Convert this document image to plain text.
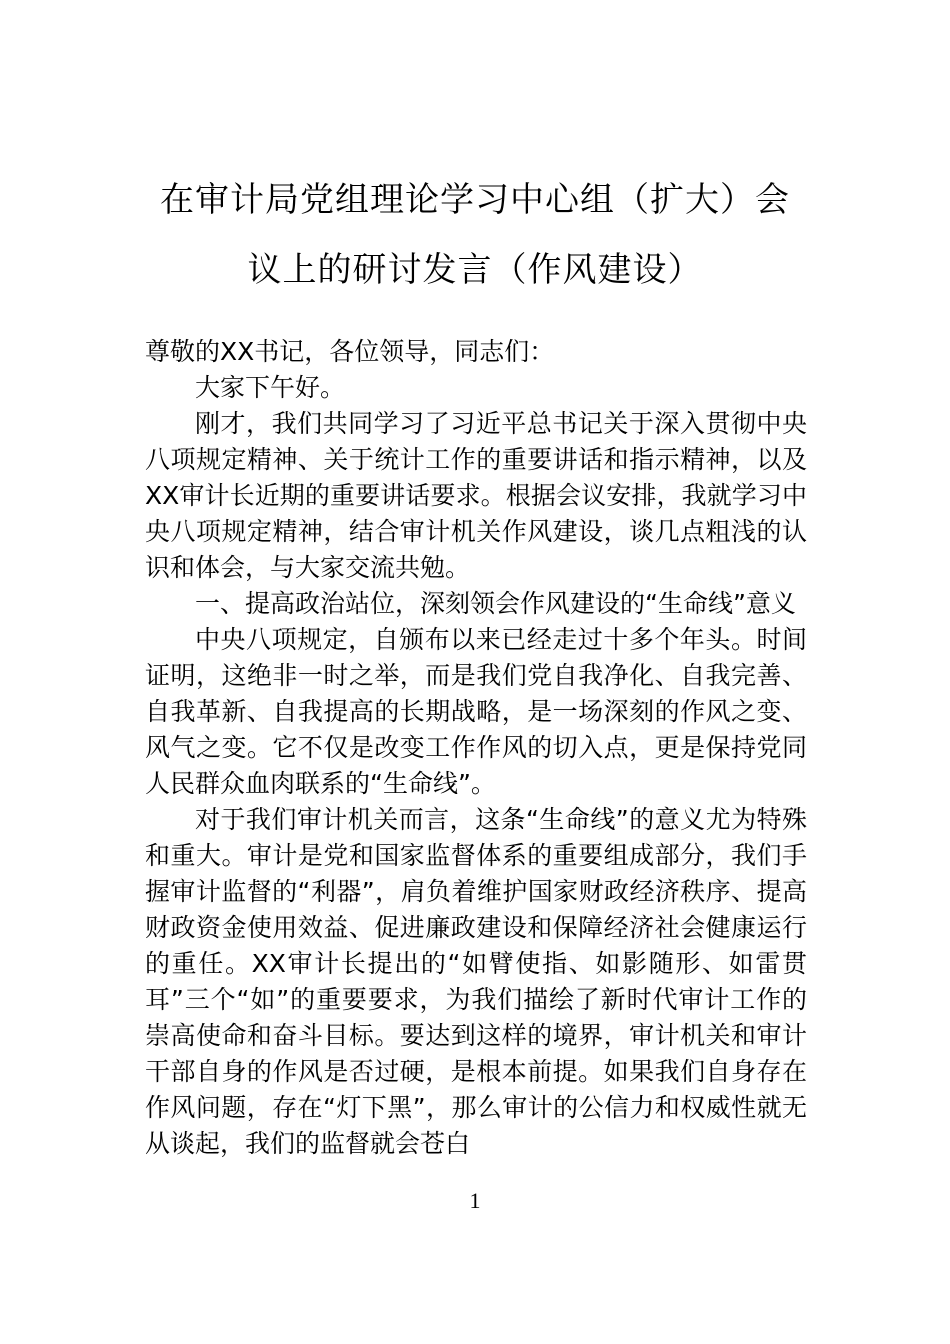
在审计局党组理论学习中心组（扩大）会
议上的研讨发言（作风建设）

尊敬的XX书记，各位领导，同志们：

大家下午好。

刚才，我们共同学习了习近平总书记关于深入贯彻中央八项规定精神、关于统计工作的重要讲话和指示精神，以及XX审计长近期的重要讲话要求。根据会议安排，我就学习中央八项规定精神，结合审计机关作风建设，谈几点粗浅的认识和体会，与大家交流共勉。

一、提高政治站位，深刻领会作风建设的“生命线”意义

中央八项规定，自颁布以来已经走过十多个年头。时间证明，这绝非一时之举，而是我们党自我净化、自我完善、自我革新、自我提高的长期战略，是一场深刻的作风之变、风气之变。它不仅是改变工作作风的切入点，更是保持党同人民群众血肉联系的“生命线”。

对于我们审计机关而言，这条“生命线”的意义尤为特殊和重大。审计是党和国家监督体系的重要组成部分，我们手握审计监督的“利器”，肩负着维护国家财政经济秩序、提高财政资金使用效益、促进廉政建设和保障经济社会健康运行的重任。XX审计长提出的“如臂使指、如影随形、如雷贯耳”三个“如”的重要要求，为我们描绘了新时代审计工作的崇高使命和奋斗目标。要达到这样的境界，审计机关和审计干部自身的作风是否过硬，是根本前提。如果我们自身存在作风问题，存在“灯下黑”，那么审计的公信力和权威性就无从谈起，我们的监督就会苍白

1
